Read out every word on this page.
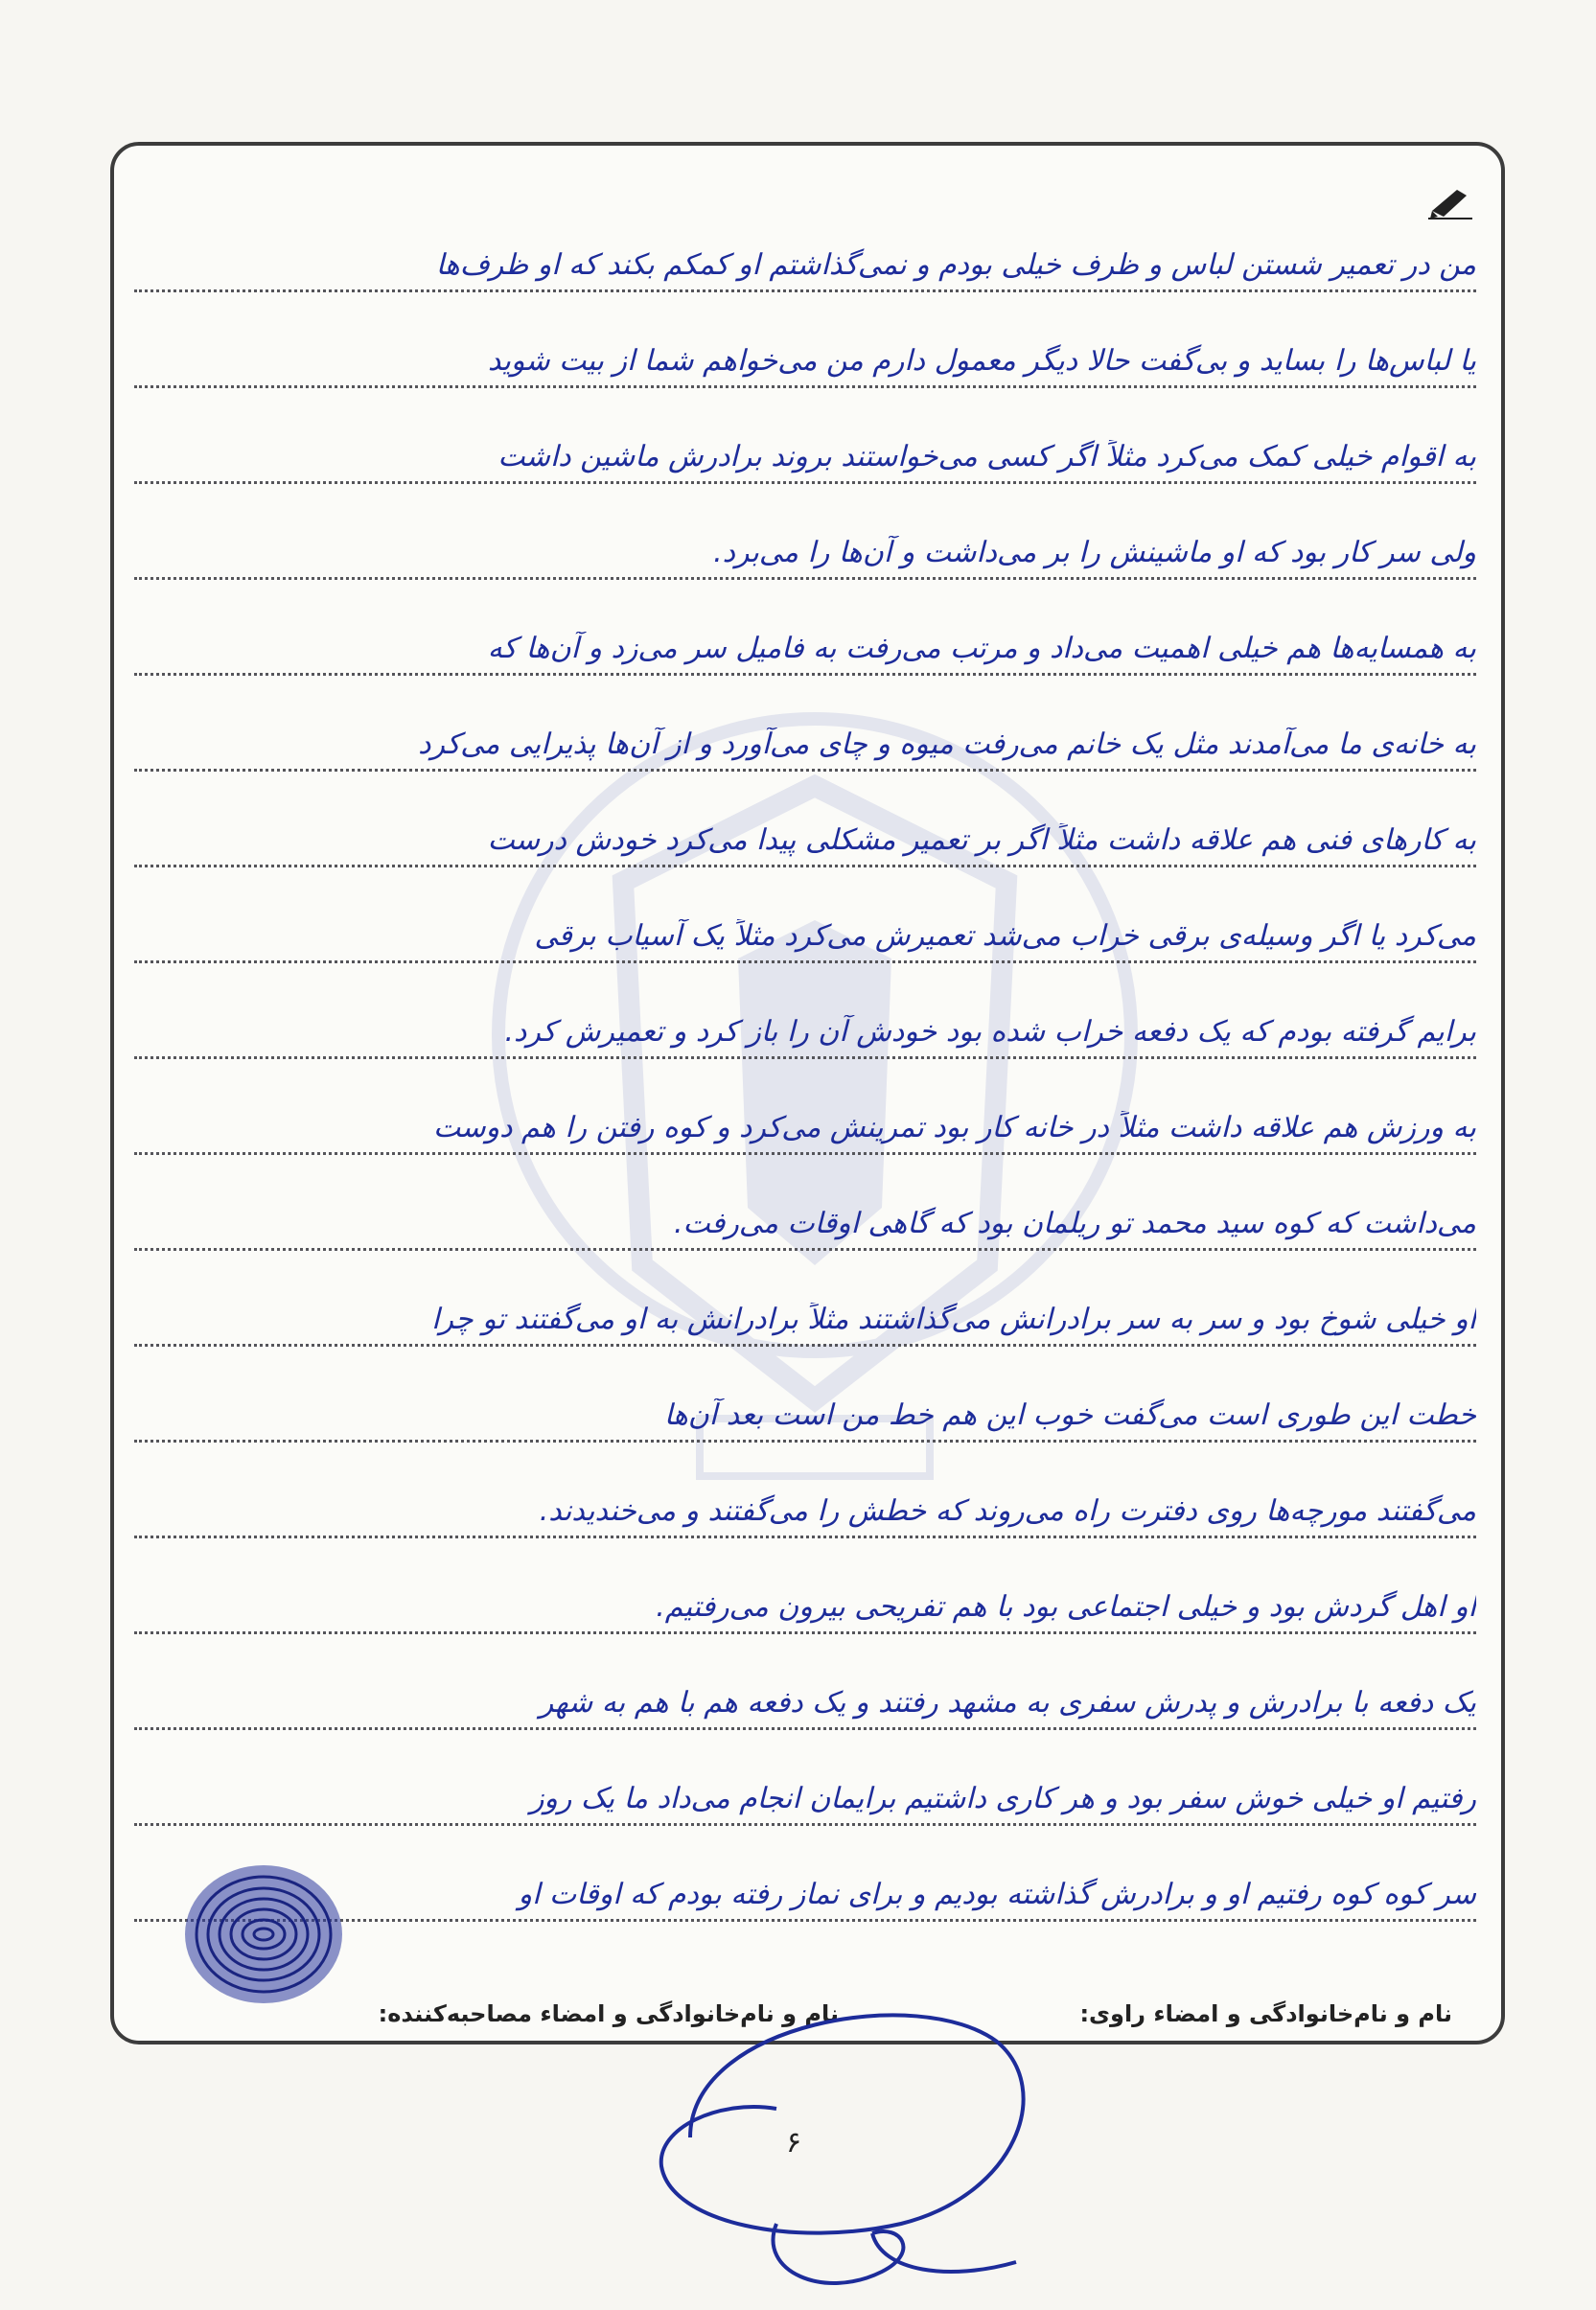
من در تعمیر شستن لباس و ظرف خیلی بودم و نمی‌گذاشتم او کمکم بکند که او ظرف‌ها
یا لباس‌ها را بساید و بی‌گفت حالا دیگر معمول دارم من می‌خواهم شما از بیت شوید
به اقوام خیلی کمک می‌کرد مثلاً اگر کسی می‌خواستند بروند برادرش ماشین داشت
ولی سر کار بود که او ماشینش را بر می‌داشت و آن‌ها را می‌برد.
به همسایه‌ها هم خیلی اهمیت می‌داد و مرتب می‌رفت به فامیل سر می‌زد و آن‌ها که
به خانه‌ی ما می‌آمدند مثل یک خانم می‌رفت میوه و چای می‌آورد و از آن‌ها پذیرایی می‌کرد
به کارهای فنی هم علاقه داشت مثلاً اگر بر تعمیر مشکلی پیدا می‌کرد خودش درست
می‌کرد یا اگر وسیله‌ی برقی خراب می‌شد تعمیرش می‌کرد مثلاً یک آسیاب برقی
برایم گرفته بودم که یک دفعه خراب شده بود خودش آن را باز کرد و تعمیرش کرد.
به ورزش هم علاقه داشت مثلاً در خانه کار بود تمرینش می‌کرد و کوه رفتن را هم دوست
می‌داشت که کوه سید محمد تو ریلمان بود که گاهی اوقات می‌رفت.
او خیلی شوخ بود و سر به سر برادرانش می‌گذاشتند مثلاً برادرانش به او می‌گفتند تو چرا
خطت این طوری است می‌گفت خوب این هم خط من است بعد آن‌ها
می‌گفتند مورچه‌ها روی دفترت راه می‌روند که خطش را می‌گفتند و می‌خندیدند.
او اهل گردش بود و خیلی اجتماعی بود با هم تفریحی بیرون می‌رفتیم.
یک دفعه با برادرش و پدرش سفری به مشهد رفتند و یک دفعه هم با هم به شهر
رفتیم او خیلی خوش سفر بود و هر کاری داشتیم برایمان انجام می‌داد ما یک روز
سر کوه کوه رفتیم او و برادرش گذاشته بودیم و برای نماز رفته بودم که اوقات او
نام و نام‌خانوادگی و امضاء راوی:
نام و نام‌خانوادگی و امضاء مصاحبه‌کننده:
۶
